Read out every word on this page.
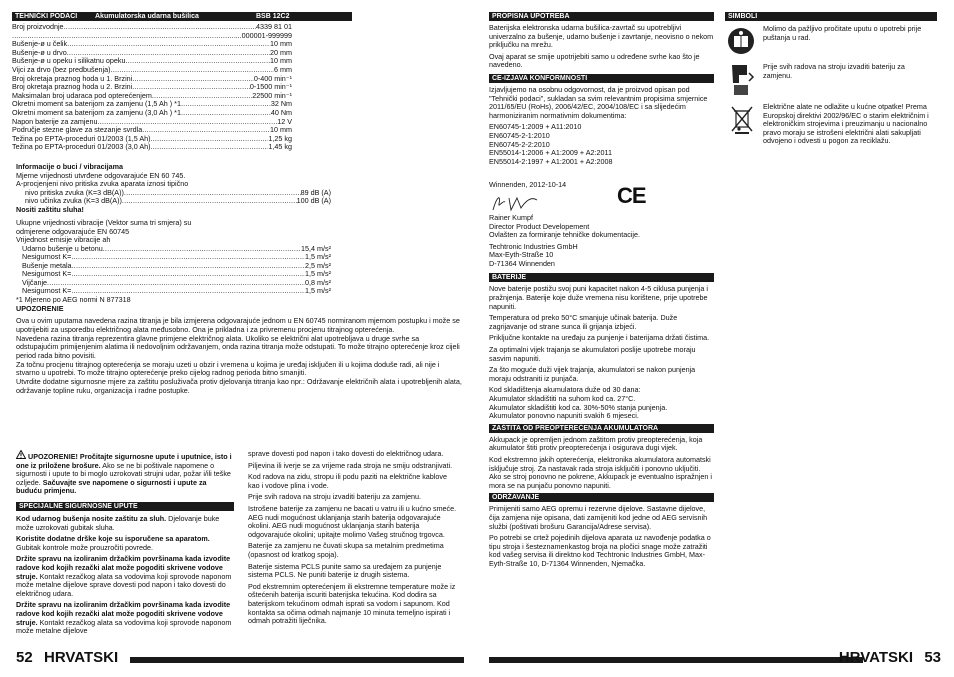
TEHNIČKI PODACI	Akumulatorska udarna bušilica	BSB 12C2
Broj proizvodnje .....	4339 81 01
.....
...000001-999999
Bušenje-ø u čelik .....	10 mm
Bušenje-ø u drvo .....	20 mm
Bušenje-ø u opeku i silikatnu opeku .....	10 mm
Vijci za drvo (bez predbušenja) .....	6 mm
Broj okretaja praznog hoda u 1. Brzini .....	0-400 min⁻¹
Broj okretaja praznog hoda u 2. Brzini .....	0-1500 min⁻¹
Maksimalan broj udaraca pod opterećenjem .....	22500 min⁻¹
Okretni moment sa baterijom za zamjenu (1,5 Ah ) *1 .....	32 Nm
Okretni moment sa baterijom za zamjenu (3,0 Ah ) *1 .....	40 Nm
Napon baterije za zamjenu .....	12 V
Područje stezne glave za stezanje svrdla .....	10 mm
Težina po EPTA-proceduri 01/2003 (1,5 Ah) .....	1,25 kg
Težina po EPTA-proceduri 01/2003 (3,0 Ah) .....	1,45 kg
Informacije o buci / vibracijama
Mjerne vrijednosti utvrđene odgovarajuće EN 60 745.
A-procjenjeni nivo pritiska zvuka aparata iznosi tipično
nivo pritiska zvuka (K=3 dB(A)) .....	89 dB (A)
nivo učinka zvuka (K=3 dB(A)) .....	100 dB (A)
Nositi zaštitu sluha!
Ukupne vrijednosti vibracije (Vektor suma tri smjera) su
odmjerene odgovarajuće EN 60745
Vrijednost emisije vibracije ah
Udarno bušenje u betonu .....	15,4 m/s²
Nesigurnost K= .....	1,5 m/s²
Bušenje metala .....	2,5 m/s²
Nesigurnost K= .....	1,5 m/s²
Vijčanje .....	0,8 m/s²
Nesigurnost K= .....	1,5 m/s²
*1 Mjereno po AEG normi N 877318
UPOZORENIE
Ova u ovim uputama navedena razina titranja je bila izmjerena odgovarajuće jednom u EN 60745 normiranom mjernom postupku i može se upotrijebiti za usporedbu električnog alata međusobno. Ona je prikladna i za privremenu procjenu titrajnog opterećenja.
Navedena razina titranja reprezentira glavne primjene električnog alata. Ukoliko se električni alat upotrebljava u druge svrhe sa odstupajućim primijenjenim alatima ili nedovoljnim održavanjem, onda razina titranja može odstupati. To može titrajno opterećenje kroz cijeli period rada bitno povisiti.
Za točnu procjenu titrajnog opterećenja se moraju uzeti u obzir i vremena u kojima je uređaj isključen ili u kojima doduše radi, ali nije i stvarno u upotrebi. To može titrajno opterećenje preko cijelog radnog perioda bitno smanjiti.
Utvrdite dodatne sigurnosne mjere za zaštitu posluživača protiv djelovanja titranja kao npr.: Održavanje električnih alata i upotrebljenih alata, održavanje topline ruku, organizacija i radne postupke.
UPOZORENIE! Pročitajte sigurnosne upute i uputnice, isto i one iz priložene brošure. Ako se ne bi poštivale napomene o sigurnosti i upute to bi moglo uzrokovati strujni udar, požar i/ili teške ozljede. Sačuvajte sve napomene o sigurnosti i upute za buduću primjenu.
SPECIJALNE SIGURNOSNE UPUTE
Kod udarnog bušenja nosite zaštitu za sluh. Djelovanje buke može uzrokovati gubitak sluha.
Koristite dodatne drške koje su isporučene sa aparatom. Gubitak kontrole može prouzročiti povrede.
Držite spravu na izoliranim držačkim površinama kada izvodite radove kod kojih rezački alat može pogoditi skrivene vodove struje. Kontakt rezačkog alata sa vodovima koji sprovode naponom može metalne dijelove sprave dovesti pod napon i tako dovesti do električnog udara.
Držite spravu na izoliranim držačkim površinama kada izvodite radove kod kojih rezački alat može pogoditi skrivene vodove struje. Kontakt rezačkog alata sa vodovima koji sprovode naponom može metalne dijelove
sprave dovesti pod napon i tako dovesti do električnog udara.
Piljevina ili iverje se za vrijeme rada stroja ne smiju odstranjivati.
Kod radova na zidu, stropu ili podu paziti na električne kablove kao i vodove plina i vode.
Prije svih radova na stroju izvaditi bateriju za zamjenu.
Istrošene baterije za zamjenu ne bacati u vatru ili u kućno smeće. AEG nudi mogućnost uklanjanja starih baterija odgovarajuće okolini. AEG nudi mogućnost uklanjanja starih baterija odgovarajuće okolini; upitajte molimo Vašeg stručnog trgovca.
Baterije za zamjenu ne čuvati skupa sa metalnim predmetima (opasnost od kratkog spoja).
Baterije sistema PCLS punite samo sa uređajem za punjenje sistema PCLS. Ne puniti baterije iz drugih sistema.
Pod ekstremnim opterećenjem ili ekstremne temperature može iz oštećenih baterija iscuriti baterijska tekućina. Kod dodira sa baterijskom tekućinom odmah isprati sa vodom i sapunom. Kod kontakta sa očima odmah najmanje 10 minuta temeljno ispirati i odmah potražiti liječnika.
52 HRVATSKI
PROPISNA UPOTREBA
Baterijska elektronska udarna bušilica-zavrtač su upotrebljivi univerzalno za bušenje, udarno bušenje i zavrtanje, neovisno o nekom priključku na mrežu.
Ovaj aparat se smije upotrijebiti samo u određene svrhe kao što je navedeno.
CE-IZJAVA KONFORMNOSTI
Izjavljujemo na osobnu odgovornost, da je proizvod opisan pod "Tehnički podaci", sukladan sa svim relevantnim propisima smjernice 2011/65/EU (RoHs), 2006/42/EC, 2004/108/EC i sa slijedećim harmoniziranim normativnim dokumentima:
EN60745-1:2009 + A11:2010
EN60745-2-1:2010
EN60745-2-2:2010
EN55014-1:2006 + A1:2009 + A2:2011
EN55014-2:1997 + A1:2001 + A2:2008
Winnenden, 2012-10-14	CE
Rainer Kumpf
Director Product Developement
Ovlašten za formiranje tehničke dokumentacije.
Techtronic Industries GmbH
Max-Eyth-Straße 10
D-71364 Winnenden
BATERIJE
Nove baterije postižu svoj puni kapacitet nakon 4-5 ciklusa punjenja i pražnjenja. Baterije koje duže vremena nisu korištene, prije upotrebe napuniti.
Temperatura od preko 50°C smanjuje učinak baterija. Duže zagrijavanje od strane sunca ili grijanja izbjeći.
Priključne kontakte na uređaju za punjenje i baterijama držati čistima.
Za optimalni vijek trajanja se akumulatori poslije upotrebe moraju sasvim napuniti.
Za što moguće duži vijek trajanja, akumulatori se nakon punjenja moraju odstraniti iz punjača.
Kod skladištenja akumulatora duže od 30 dana:
Akumulator skladištiti na suhom kod ca. 27°C.
Akumulator skladištiti kod ca. 30%-50% stanja punjenja.
Akumulator ponovno napuniti svakih 6 mjeseci.
ZAŠTITA OD PREOPTEREĆENJA AKUMULATORA
Akkupack je opremljen jednom zaštitom protiv preopterećenja, koja akumulator štiti protiv preopterećenja i osigurava dugi vijek.
Kod ekstremno jakih opterećenja, elektronika akumulatora automatski isključuje stroj. Za nastavak rada stroja isključiti i ponovno uključiti. Ako se stroj ponovno ne pokrene, Akkupack je eventualno ispražnjen i mora se na punjaču ponovno napuniti.
ODRŽAVANJE
Primijeniti samo AEG opremu i rezervne dijelove. Sastavne dijelove, čija zamjena nije opisana, dati zamijeniti kod jedne od AEG servisnih službi (poštivati brošuru Garancija/Adrese servisa).
Po potrebi se crtež pojedinih dijelova aparata uz navođenje podatka o tipu stroja i šesteznamenkastog broja na pločici snage može zatražiti kod vašeg servisa ili direktno kod Techtronic Industries GmbH, Max-Eyth-Straße 10, D-71364 Winnenden, Njemačka.
SIMBOLI
Molimo da pažljivo pročitate uputu o upotrebi prije puštanja u rad.
Prije svih radova na stroju izvaditi bateriju za zamjenu.
Električne alate ne odlažite u kućne otpatke! Prema Europskoj direktivi 2002/96/EC o starim električnim i elektroničkim strojevima i preuzimanju u nacionalno pravo moraju se istrošeni električni alati sakupljati odvojeno i odvesti u pogon za reciklažu.
HRVATSKI 53
